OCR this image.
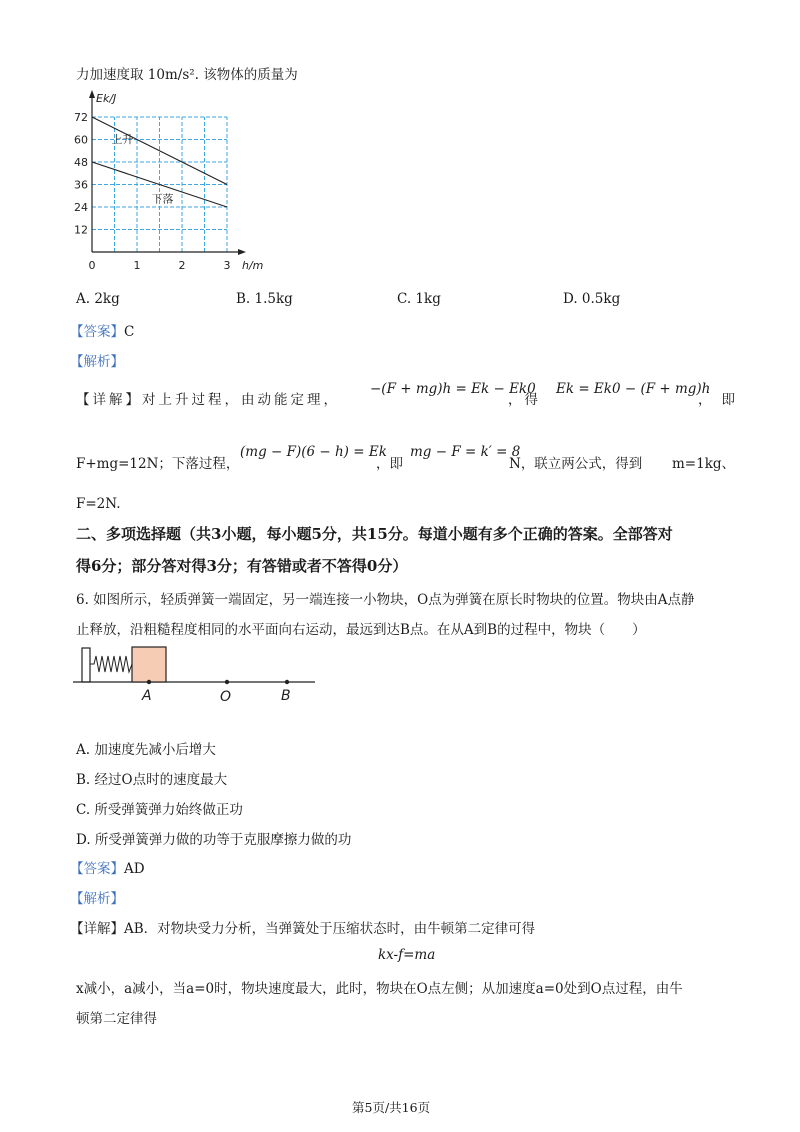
力加速度取 10m/s². 该物体的质量为
72
60
48
36
24
12
0	1	2	3
上升
下落
Ek/J
h/m
A. 2kg	B. 1.5kg	C. 1kg	D. 0.5kg
【答案】C
【解析】
【详解】对上升过程，由动能定理，
−(F + mg)h = Ek − Ek0
，得
Ek = Ek0 − (F + mg)h
，即
F+mg=12N；下落过程，
(mg − F)(6 − h) = Ek
，即
mg − F = k′ = 8
N，联立两公式，得到 m=1kg、
F=2N.
二、多项选择题（共3小题，每小题5分，共15分。每道小题有多个正确的答案。全部答对
得6分；部分答对得3分；有答错或者不答得0分）
6. 如图所示，轻质弹簧一端固定，另一端连接一小物块，O点为弹簧在原长时物块的位置。物块由A点静
止释放，沿粗糙程度相同的水平面向右运动，最远到达B点。在从A到B的过程中，物块（　　）
A	O	B
A. 加速度先减小后增大
B. 经过O点时的速度最大
C. 所受弹簧弹力始终做正功
D. 所受弹簧弹力做的功等于克服摩擦力做的功
【答案】AD
【解析】
【详解】AB．对物块受力分析，当弹簧处于压缩状态时，由牛顿第二定律可得
kx-f=ma
x减小，a减小，当a=0时，物块速度最大，此时，物块在O点左侧；从加速度a=0处到O点过程，由牛
顿第二定律得
第5页/共16页
